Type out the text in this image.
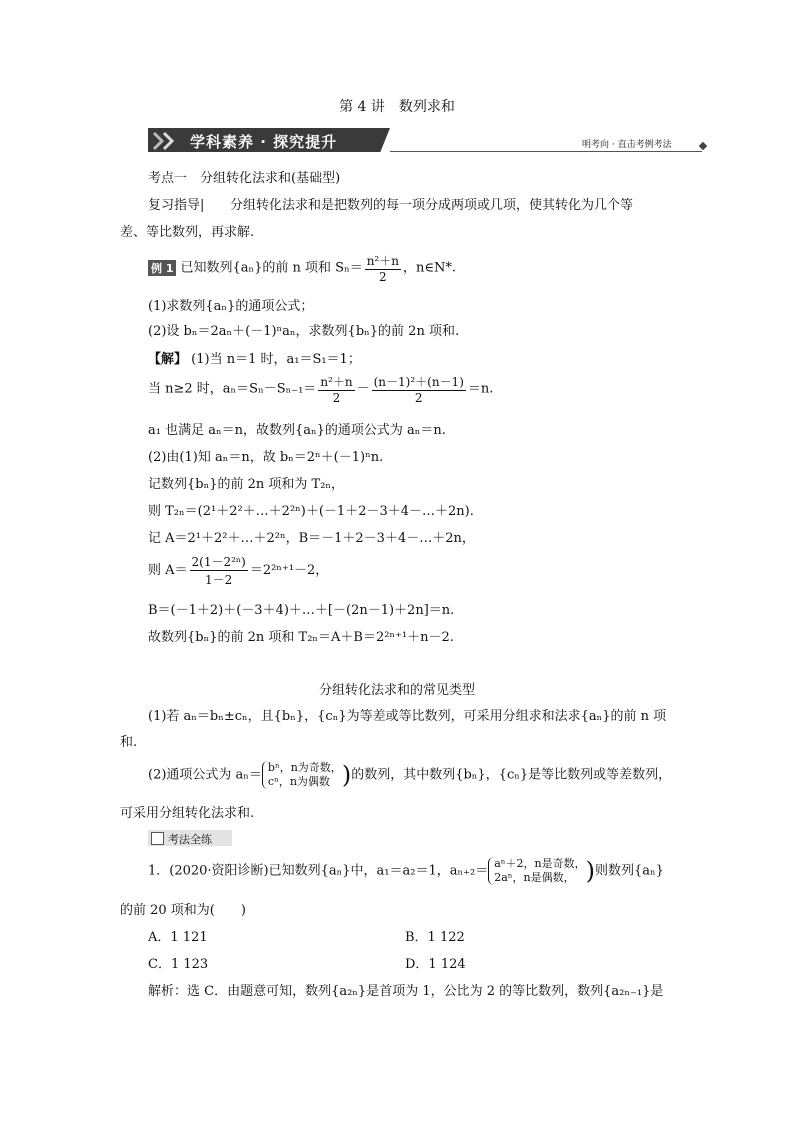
第 4 讲　数列求和
学科素养 · 探究提升	明考向 · 直击考例考法
考点一　分组转化法求和(基础型)
复习指导| 分组转化法求和是把数列的每一项分成两项或几项，使其转化为几个等
差、等比数列，再求解.
例 1 已知数列{aₙ}的前 n 项和 $S_n= \frac{\text{n²＋n}}{2}$ ，n∈N*.
(1)求数列{aₙ}的通项公式；
(2)设 bₙ＝2aₙ＋(－1)ⁿaₙ，求数列{bₙ}的前 2n 项和.
【解】 (1)当 n＝1 时，a₁＝S₁＝1；
当 n≥2 时，$a_n=S_n-S_{n-1}= \frac{\text{n²＋n}}{2} - \frac{\text{(n－1)²＋(n－1)}}{2} =n$.
a₁ 也满足 aₙ＝n，故数列{aₙ}的通项公式为 aₙ＝n.
(2)由(1)知 aₙ＝n，故 bₙ＝2ⁿ＋(－1)ⁿn.
记数列{bₙ}的前 2n 项和为 T₂ₙ，
则 T₂ₙ＝(2¹＋2²＋…＋2²ⁿ)＋(－1＋2－3＋4－…＋2n).
记 A＝2¹＋2²＋…＋2²ⁿ，B＝－1＋2－3＋4－…＋2n，
则 $A= \frac{\text{2(1－2²ⁿ)}}{1-2} =2^{2n+1}-2$，
B＝(－1＋2)＋(－3＋4)＋…＋[－(2n－1)＋2n]＝n.
故数列{bₙ}的前 2n 项和 T₂ₙ＝A＋B＝2²ⁿ⁺¹＋n－2.
分组转化法求和的常见类型
(1)若 aₙ＝bₙ±cₙ，且{bₙ}，{cₙ}为等差或等比数列，可采用分组求和法求{aₙ}的前 n 项
和.
(2)通项公式为 aₙ＝ bⁿ，n为奇数，
cⁿ，n为偶数 )的数列，其中数列{bₙ}，{cₙ}是等比数列或等差数列，
可采用分组转化法求和.
考法全练
1．(2020·资阳诊断)已知数列{aₙ}中，a₁＝a₂＝1，aₙ₊₂＝ aⁿ＋2，n是奇数，
2aⁿ，n是偶数， )则数列{aₙ}
的前 20 项和为(　　)
A．1 121	B．1 122
C．1 123	D．1 124
解析：选 C．由题意可知，数列{a₂ₙ}是首项为 1，公比为 2 的等比数列，数列{a₂ₙ₋₁}是
